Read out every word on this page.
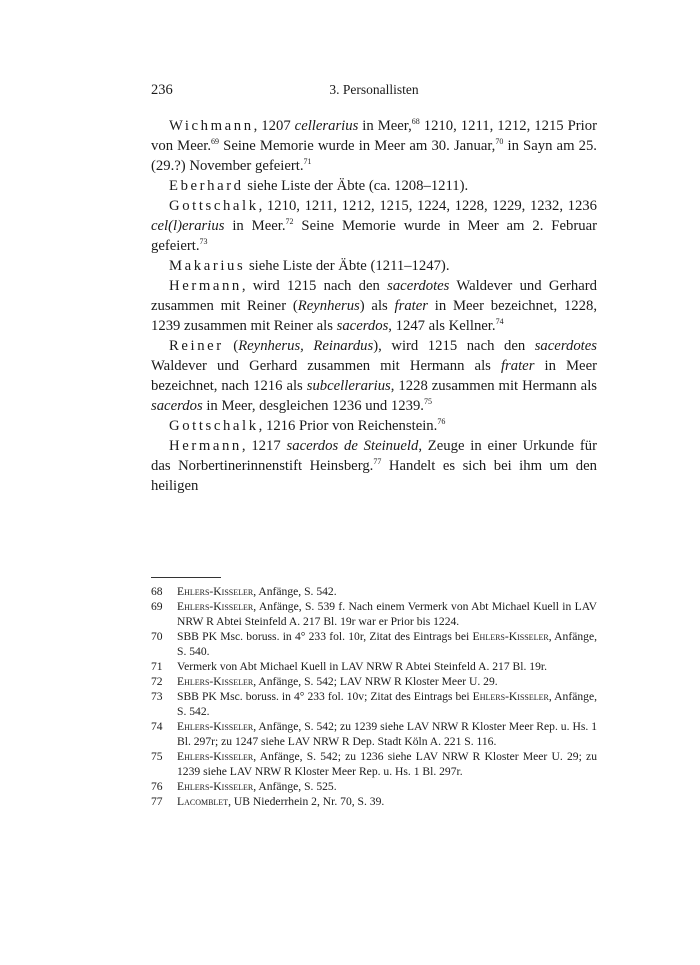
236	3. Personallisten

Wichmann, 1207 cellerarius in Meer,$^{68}$ 1210, 1211, 1212, 1215 Prior von Meer.$^{69}$ Seine Memorie wurde in Meer am 30. Januar,$^{70}$ in Sayn am 25. (29.?) November gefeiert.$^{71}$

Eberhard siehe Liste der Äbte (ca. 1208–1211).

Gottschalk, 1210, 1211, 1212, 1215, 1224, 1228, 1229, 1232, 1236 cel(l)erarius in Meer.$^{72}$ Seine Memorie wurde in Meer am 2. Februar gefeiert.$^{73}$

Makarius siehe Liste der Äbte (1211–1247).

Hermann, wird 1215 nach den sacerdotes Waldever und Gerhard zusammen mit Reiner (Reynherus) als frater in Meer bezeichnet, 1228, 1239 zusammen mit Reiner als sacerdos, 1247 als Kellner.$^{74}$

Reiner (Reynherus, Reinardus), wird 1215 nach den sacerdotes Waldever und Gerhard zusammen mit Hermann als frater in Meer bezeichnet, nach 1216 als subcellerarius, 1228 zusammen mit Hermann als sacerdos in Meer, desgleichen 1236 und 1239.75

Gottschalk, 1216 Prior von Reichenstein.$^{76}$

Hermann, 1217 sacerdos de Steinueld, Zeuge in einer Urkunde für das Norbertinerinnenstift Heinsberg.$^{77}$ Handelt es sich bei ihm um den heiligen

68 Ehlers-Kisseler, Anfänge, S. 542.
69 Ehlers-Kisseler, Anfänge, S. 539 f. Nach einem Vermerk von Abt Michael Kuell in LAV NRW R Abtei Steinfeld A. 217 Bl. 19r war er Prior bis 1224.
70 SBB PK Msc. boruss. in 4° 233 fol. 10r, Zitat des Eintrags bei Ehlers-Kisseler, Anfänge, S. 540.
71 Vermerk von Abt Michael Kuell in LAV NRW R Abtei Steinfeld A. 217 Bl. 19r.
72 Ehlers-Kisseler, Anfänge, S. 542; LAV NRW R Kloster Meer U. 29.
73 SBB PK Msc. boruss. in 4° 233 fol. 10v; Zitat des Eintrags bei Ehlers-Kisseler, Anfänge, S. 542.
74 Ehlers-Kisseler, Anfänge, S. 542; zu 1239 siehe LAV NRW R Kloster Meer Rep. u. Hs. 1 Bl. 297r; zu 1247 siehe LAV NRW R Dep. Stadt Köln A. 221 S. 116.
75 Ehlers-Kisseler, Anfänge, S. 542; zu 1236 siehe LAV NRW R Kloster Meer U. 29; zu 1239 siehe LAV NRW R Kloster Meer Rep. u. Hs. 1 Bl. 297r.
76 Ehlers-Kisseler, Anfänge, S. 525.
77 Lacomblet, UB Niederrhein 2, Nr. 70, S. 39.
